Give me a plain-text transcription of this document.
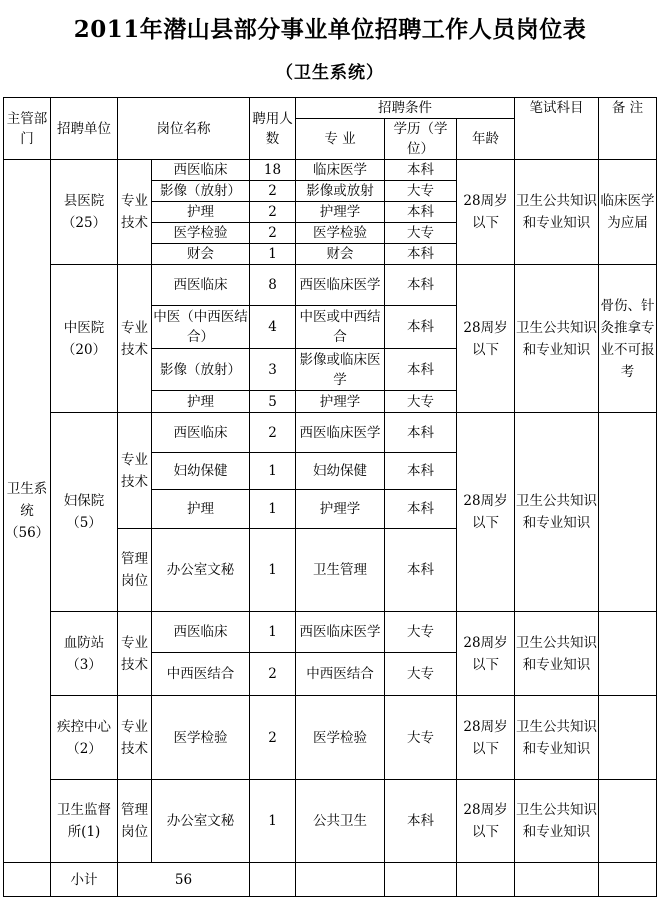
2011年潜山县部分事业单位招聘工作人员岗位表
（卫生系统）
主管部门	招聘单位	岗位名称		聘用人数	招聘条件			笔试科目	备 注
					专 业	学历（学位）	年龄		
卫生系统（56）	县医院（25）	专业技术	西医临床	18	临床医学	本科	28周岁以下	卫生公共知识和专业知识	临床医学为应届
			影像（放射）	2	影像或放射	大专			
			护理	2	护理学	本科			
			医学检验	2	医学检验	大专			
			财会	1	财会	本科			
	中医院（20）	专业技术	西医临床	8	西医临床医学	本科	28周岁以下	卫生公共知识和专业知识	骨伤、针灸推拿专业不可报考
			中医（中西医结合）	4	中医或中西结合	本科			
			影像（放射）	3	影像或临床医学	本科			
			护理	5	护理学	大专			
	妇保院（5）	专业技术	西医临床	2	西医临床医学	本科	28周岁以下	卫生公共知识和专业知识	
			妇幼保健	1	妇幼保健	本科			
			护理	1	护理学	本科			
		管理岗位	办公室文秘	1	卫生管理	本科			
	血防站（3）	专业技术	西医临床	1	西医临床医学	大专	28周岁以下	卫生公共知识和专业知识	
			中西医结合	2	中西医结合	大专			
	疾控中心（2）	专业技术	医学检验	2	医学检验	大专	28周岁以下	卫生公共知识和专业知识	
	卫生监督所(1)	管理岗位	办公室文秘	1	公共卫生	本科	28周岁以下	卫生公共知识和专业知识	
	小计	56							
